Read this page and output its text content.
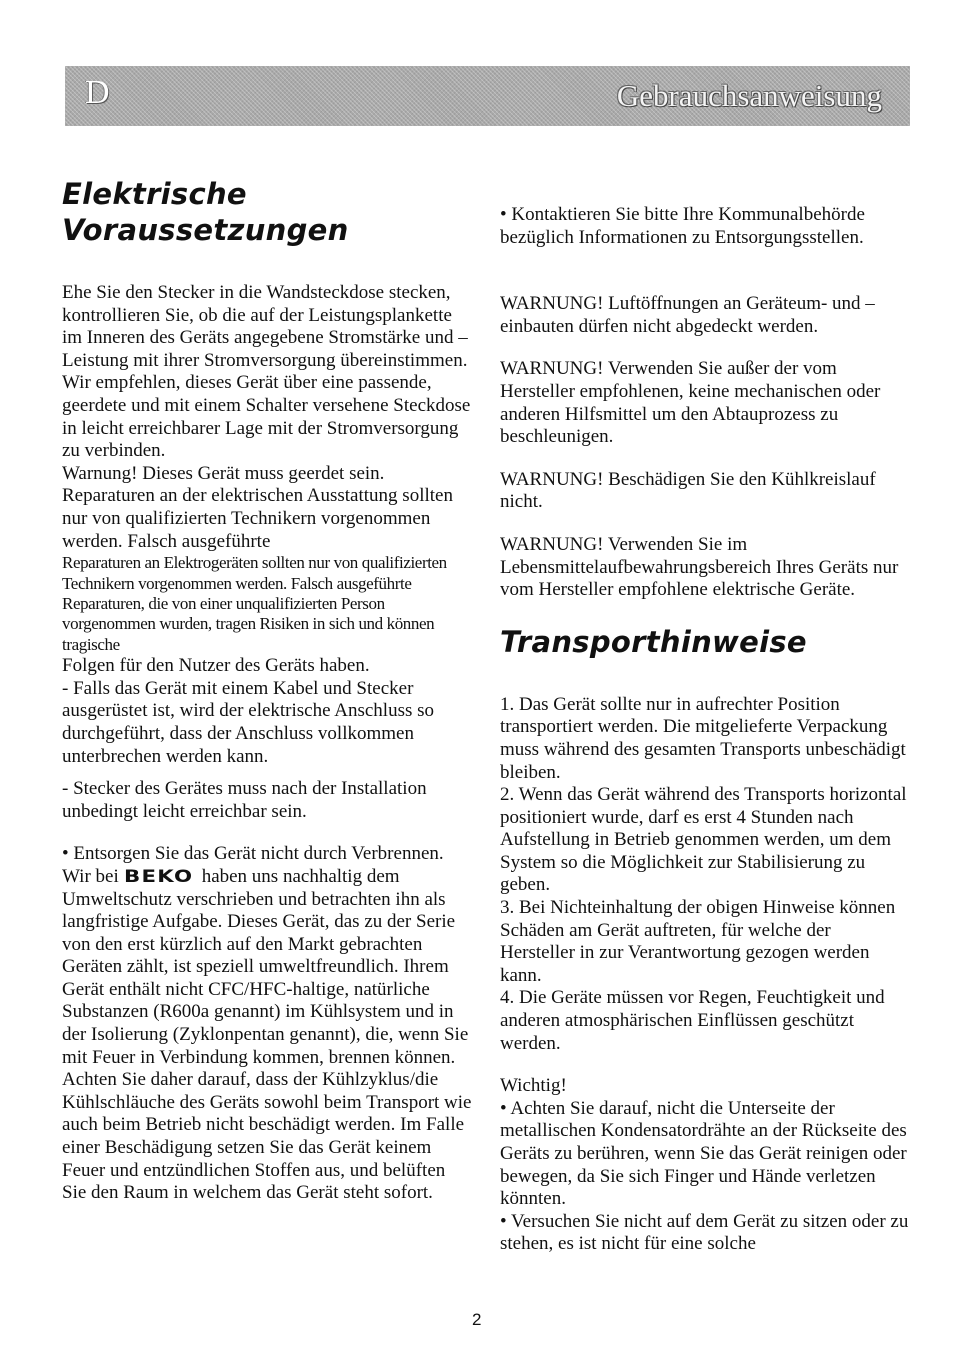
D	Gebrauchsanweisung
Elektrische
Voraussetzungen

Ehe Sie den Stecker in die Wandsteckdose stecken, kontrollieren Sie, ob die auf der Leistungsplankette im Inneren des Geräts angegebene Stromstärke und –Leistung mit ihrer Stromversorgung übereinstimmen.

Wir empfehlen, dieses Gerät über eine passende, geerdete und mit einem Schalter versehene Steckdose in leicht erreichbarer Lage mit der Stromversorgung zu verbinden.

Warnung! Dieses Gerät muss geerdet sein. Reparaturen an der elektrischen Ausstattung sollten nur von qualifizierten Technikern vorgenommen werden. Falsch ausgeführte

Reparaturen an Elektrogeräten sollten nur von qualifizierten Technikern vorgenommen werden. Falsch ausgeführte Reparaturen, die von einer unqualifizierten Person vorgenommen wurden, tragen Risiken in sich und können tragische

Folgen für den Nutzer des Geräts haben.

- Falls das Gerät mit einem Kabel und Stecker ausgerüstet ist, wird der elektrische Anschluss so durchgeführt, dass der Anschluss vollkommen unterbrechen werden kann.

- Stecker des Gerätes muss nach der Installation unbedingt leicht erreichbar sein.

• Entsorgen Sie das Gerät nicht durch Verbrennen. Wir bei BEKO haben uns nachhaltig dem Umweltschutz verschrieben und betrachten ihn als langfristige Aufgabe. Dieses Gerät, das zu der Serie von den erst kürzlich auf den Markt gebrachten Geräten zählt, ist speziell umweltfreundlich. Ihrem Gerät enthält nicht CFC/HFC-haltige, natürliche Substanzen (R600a genannt) im Kühlsystem und in der Isolierung (Zyklonpentan genannt), die, wenn Sie mit Feuer in Verbindung kommen, brennen können. Achten Sie daher darauf, dass der Kühlzyklus/die Kühlschläuche des Geräts sowohl beim Transport wie auch beim Betrieb nicht beschädigt werden. Im Falle einer Beschädigung setzen Sie das Gerät keinem Feuer und entzündlichen Stoffen aus, und belüften Sie den Raum in welchem das Gerät steht sofort.

• Kontaktieren Sie bitte Ihre Kommunalbehörde bezüglich Informationen zu Entsorgungsstellen.

WARNUNG! Luftöffnungen an Geräteum- und –einbauten dürfen nicht abgedeckt werden.

WARNUNG! Verwenden Sie außer der vom Hersteller empfohlenen, keine mechanischen oder anderen Hilfsmittel um den Abtauprozess zu beschleunigen.

WARNUNG! Beschädigen Sie den Kühlkreislauf nicht.

WARNUNG! Verwenden Sie im Lebensmittelaufbewahrungsbereich Ihres Geräts nur vom Hersteller empfohlene elektrische Geräte.

Transporthinweise

1. Das Gerät sollte nur in aufrechter Position transportiert werden. Die mitgelieferte Verpackung muss während des gesamten Transports unbeschädigt bleiben.

2. Wenn das Gerät während des Transports horizontal positioniert wurde, darf es erst 4 Stunden nach Aufstellung in Betrieb genommen werden, um dem System so die Möglichkeit zur Stabilisierung zu geben.

3. Bei Nichteinhaltung der obigen Hinweise können Schäden am Gerät auftreten, für welche der Hersteller in zur Verantwortung gezogen werden kann.

4. Die Geräte müssen vor Regen, Feuchtigkeit und anderen atmosphärischen Einflüssen geschützt werden.

Wichtig!

• Achten Sie darauf, nicht die Unterseite der metallischen Kondensatordrähte an der Rückseite des Geräts zu berühren, wenn Sie das Gerät reinigen oder bewegen, da Sie sich Finger und Hände verletzen könnten.

• Versuchen Sie nicht auf dem Gerät zu sitzen oder zu stehen, es ist nicht für eine solche

2
